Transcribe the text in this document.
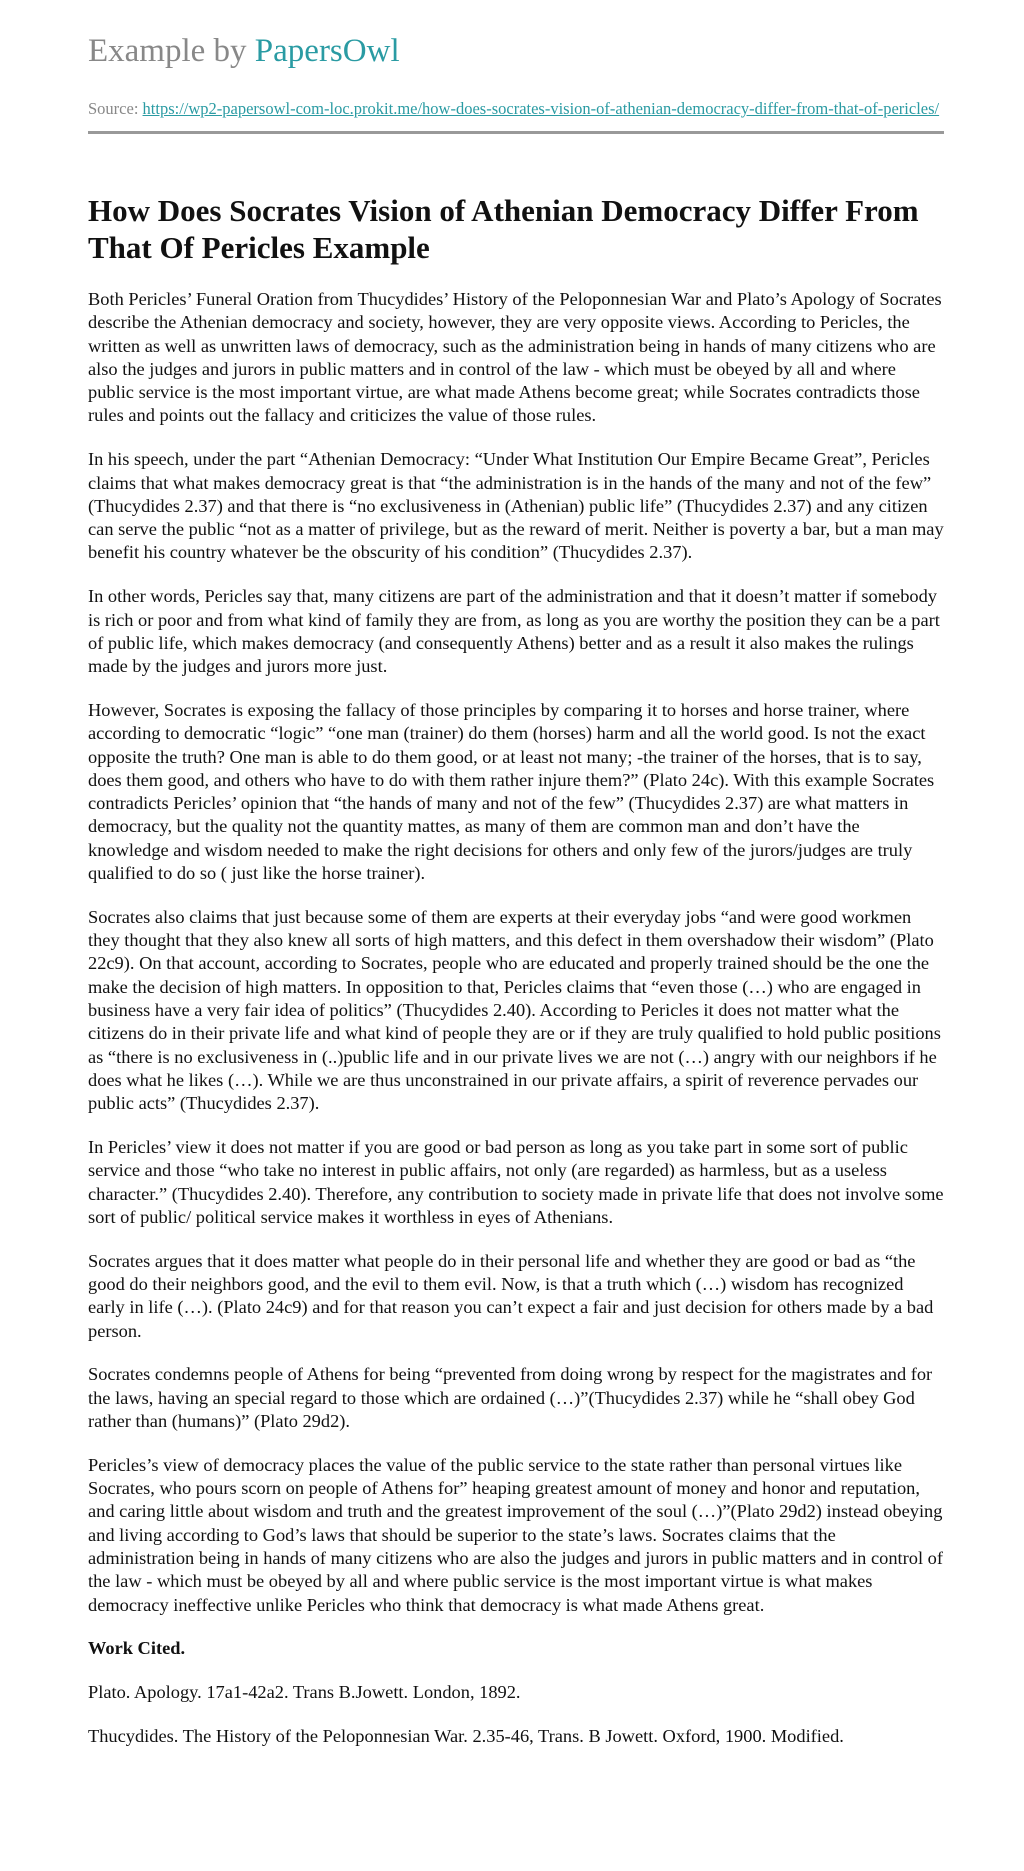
Example by PapersOwl
Source: https://wp2-papersowl-com-loc.prokit.me/how-does-socrates-vision-of-athenian-democracy-differ-from-that-of-pericles/
How Does Socrates Vision of Athenian Democracy Differ From That Of Pericles Example

Both Pericles’ Funeral Oration from Thucydides’ History of the Peloponnesian War and Plato’s Apology of Socrates describe the Athenian democracy and society, however, they are very opposite views. According to Pericles, the written as well as unwritten laws of democracy, such as the administration being in hands of many citizens who are also the judges and jurors in public matters and in control of the law - which must be obeyed by all and where public service is the most important virtue, are what made Athens become great; while Socrates contradicts those rules and points out the fallacy and criticizes the value of those rules.

In his speech, under the part “Athenian Democracy: “Under What Institution Our Empire Became Great”, Pericles claims that what makes democracy great is that “the administration is in the hands of the many and not of the few” (Thucydides 2.37) and that there is “no exclusiveness in (Athenian) public life” (Thucydides 2.37) and any citizen can serve the public “not as a matter of privilege, but as the reward of merit. Neither is poverty a bar, but a man may benefit his country whatever be the obscurity of his condition” (Thucydides 2.37).

In other words, Pericles say that, many citizens are part of the administration and that it doesn’t matter if somebody is rich or poor and from what kind of family they are from, as long as you are worthy the position they can be a part of public life, which makes democracy (and consequently Athens) better and as a result it also makes the rulings made by the judges and jurors more just.

However, Socrates is exposing the fallacy of those principles by comparing it to horses and horse trainer, where according to democratic “logic” “one man (trainer) do them (horses) harm and all the world good. Is not the exact opposite the truth? One man is able to do them good, or at least not many; -the trainer of the horses, that is to say, does them good, and others who have to do with them rather injure them?” (Plato 24c). With this example Socrates contradicts Pericles’ opinion that “the hands of many and not of the few” (Thucydides 2.37) are what matters in democracy, but the quality not the quantity mattes, as many of them are common man and don’t have the knowledge and wisdom needed to make the right decisions for others and only few of the jurors/judges are truly qualified to do so ( just like the horse trainer).

Socrates also claims that just because some of them are experts at their everyday jobs “and were good workmen they thought that they also knew all sorts of high matters, and this defect in them overshadow their wisdom” (Plato 22c9). On that account, according to Socrates, people who are educated and properly trained should be the one the make the decision of high matters. In opposition to that, Pericles claims that “even those (…) who are engaged in business have a very fair idea of politics” (Thucydides 2.40). According to Pericles it does not matter what the citizens do in their private life and what kind of people they are or if they are truly qualified to hold public positions as “there is no exclusiveness in (..)public life and in our private lives we are not (…) angry with our neighbors if he does what he likes (…). While we are thus unconstrained in our private affairs, a spirit of reverence pervades our public acts” (Thucydides 2.37).

In Pericles’ view it does not matter if you are good or bad person as long as you take part in some sort of public service and those “who take no interest in public affairs, not only (are regarded) as harmless, but as a useless character.” (Thucydides 2.40). Therefore, any contribution to society made in private life that does not involve some sort of public/ political service makes it worthless in eyes of Athenians.

Socrates argues that it does matter what people do in their personal life and whether they are good or bad as “the good do their neighbors good, and the evil to them evil. Now, is that a truth which (…) wisdom has recognized early in life (…). (Plato 24c9) and for that reason you can’t expect a fair and just decision for others made by a bad person.

Socrates condemns people of Athens for being “prevented from doing wrong by respect for the magistrates and for the laws, having an special regard to those which are ordained (…)”(Thucydides 2.37) while he “shall obey God rather than (humans)” (Plato 29d2).

Pericles’s view of democracy places the value of the public service to the state rather than personal virtues like Socrates, who pours scorn on people of Athens for” heaping greatest amount of money and honor and reputation, and caring little about wisdom and truth and the greatest improvement of the soul (…)”(Plato 29d2) instead obeying and living according to God’s laws that should be superior to the state’s laws. Socrates claims that the administration being in hands of many citizens who are also the judges and jurors in public matters and in control of the law - which must be obeyed by all and where public service is the most important virtue is what makes democracy ineffective unlike Pericles who think that democracy is what made Athens great.

Work Cited.

Plato. Apology. 17a1-42a2. Trans B.Jowett. London, 1892.

Thucydides. The History of the Peloponnesian War. 2.35-46, Trans. B Jowett. Oxford, 1900. Modified.
